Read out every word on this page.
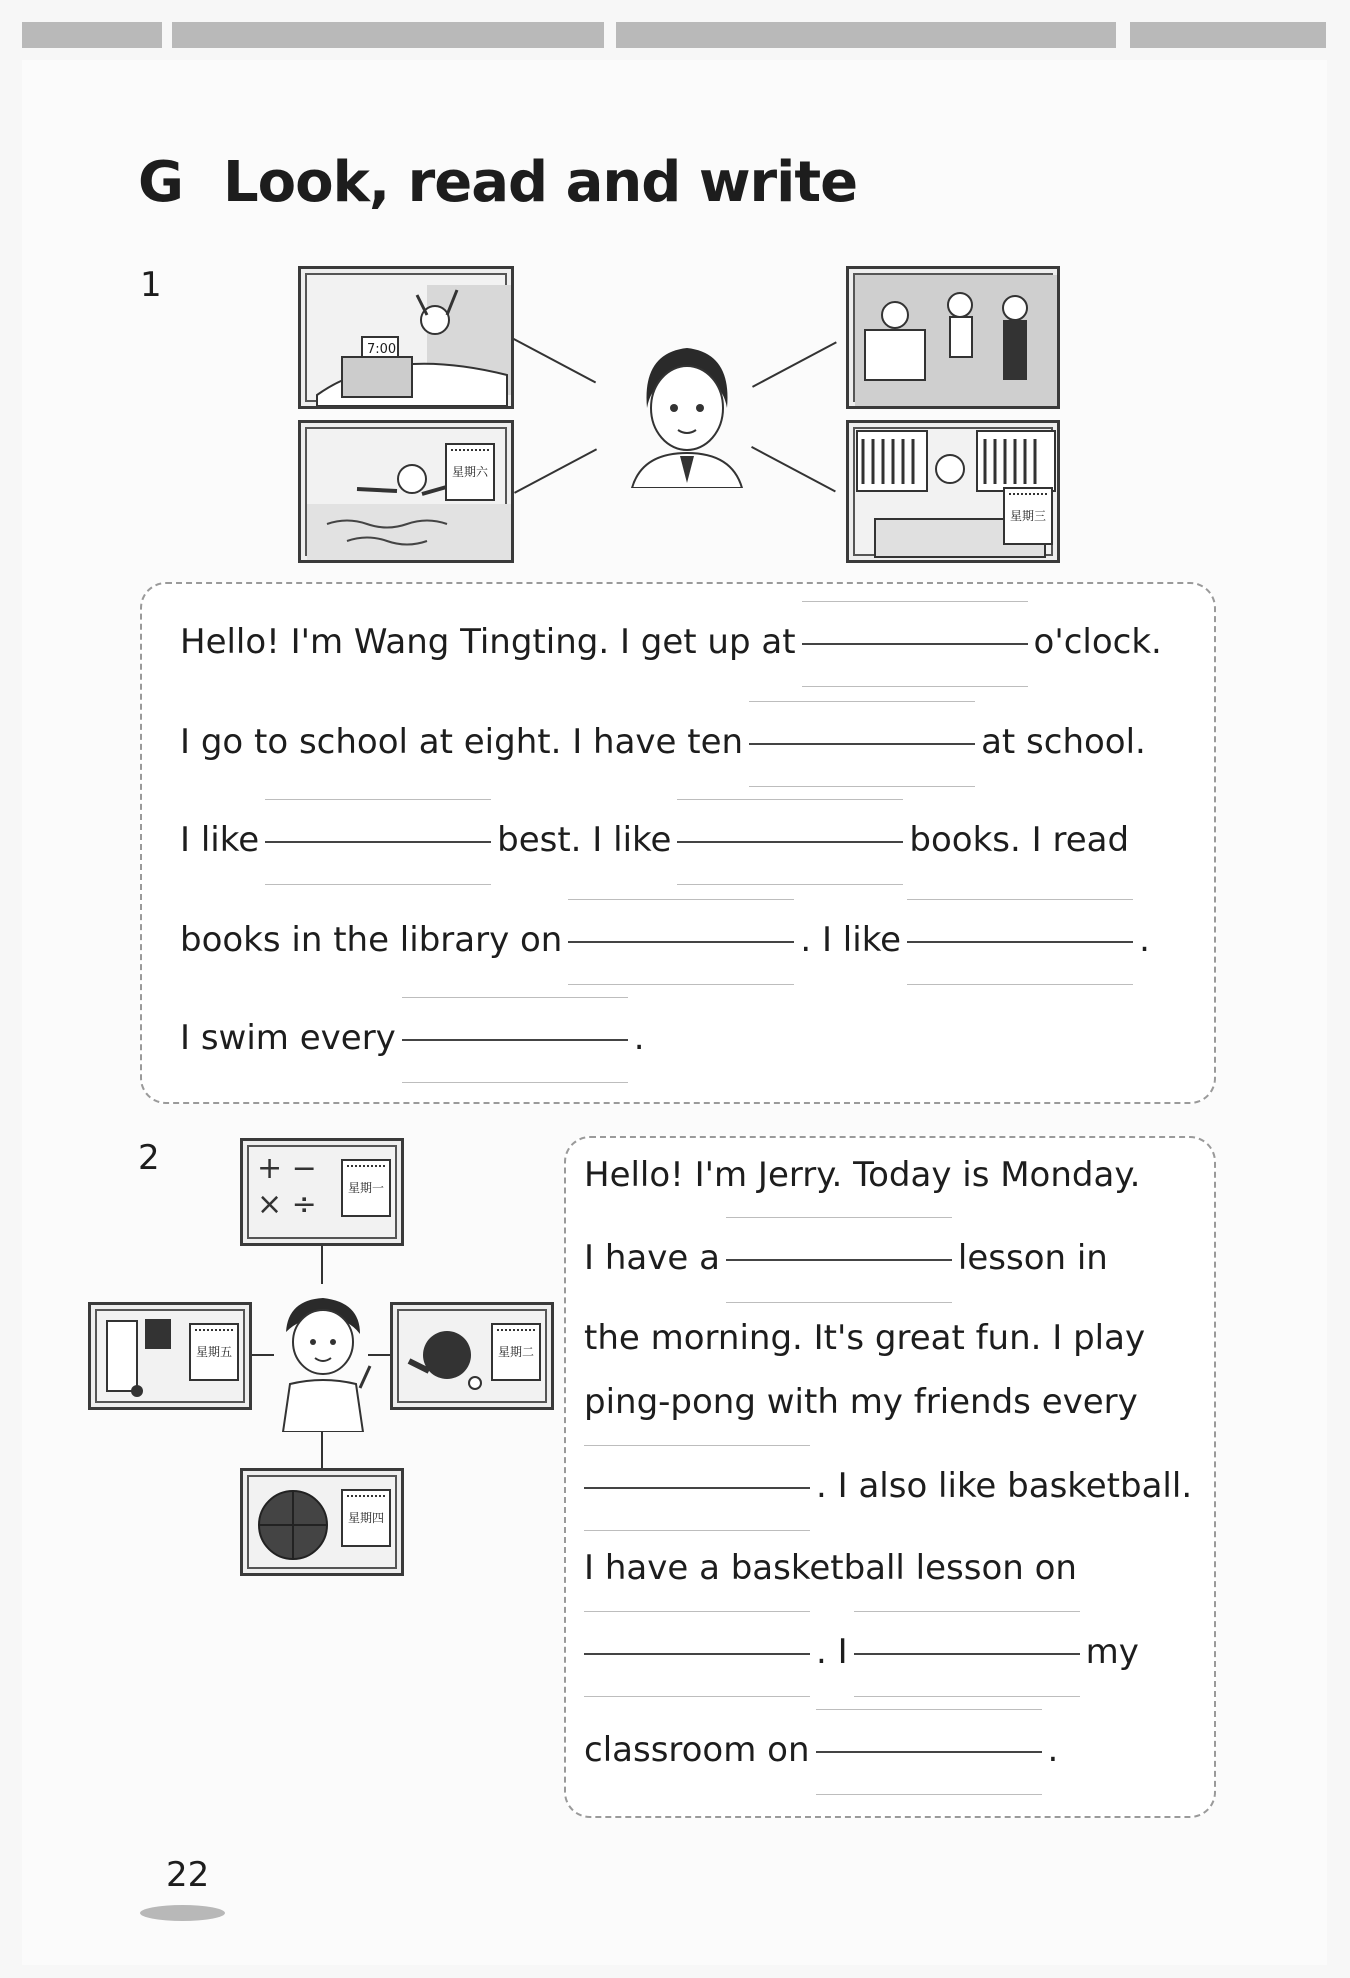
G Look, read and write
1
7:00
星期六
星期三
Hello! I'm Wang Tingting. I get up at	o'clock.
I go to school at eight. I have ten	at school.
I like	best. I like	books. I read
books in the library on	. I like	.
I swim every	.
2	+ −
× ÷	星期一
星期五	星期二
星期四
Hello! I'm Jerry. Today is Monday.
I have a	lesson in
the morning. It's great fun. I play
ping-pong with my friends every
. I also like basketball.
I have a basketball lesson on
. I	my
classroom on	.
22
